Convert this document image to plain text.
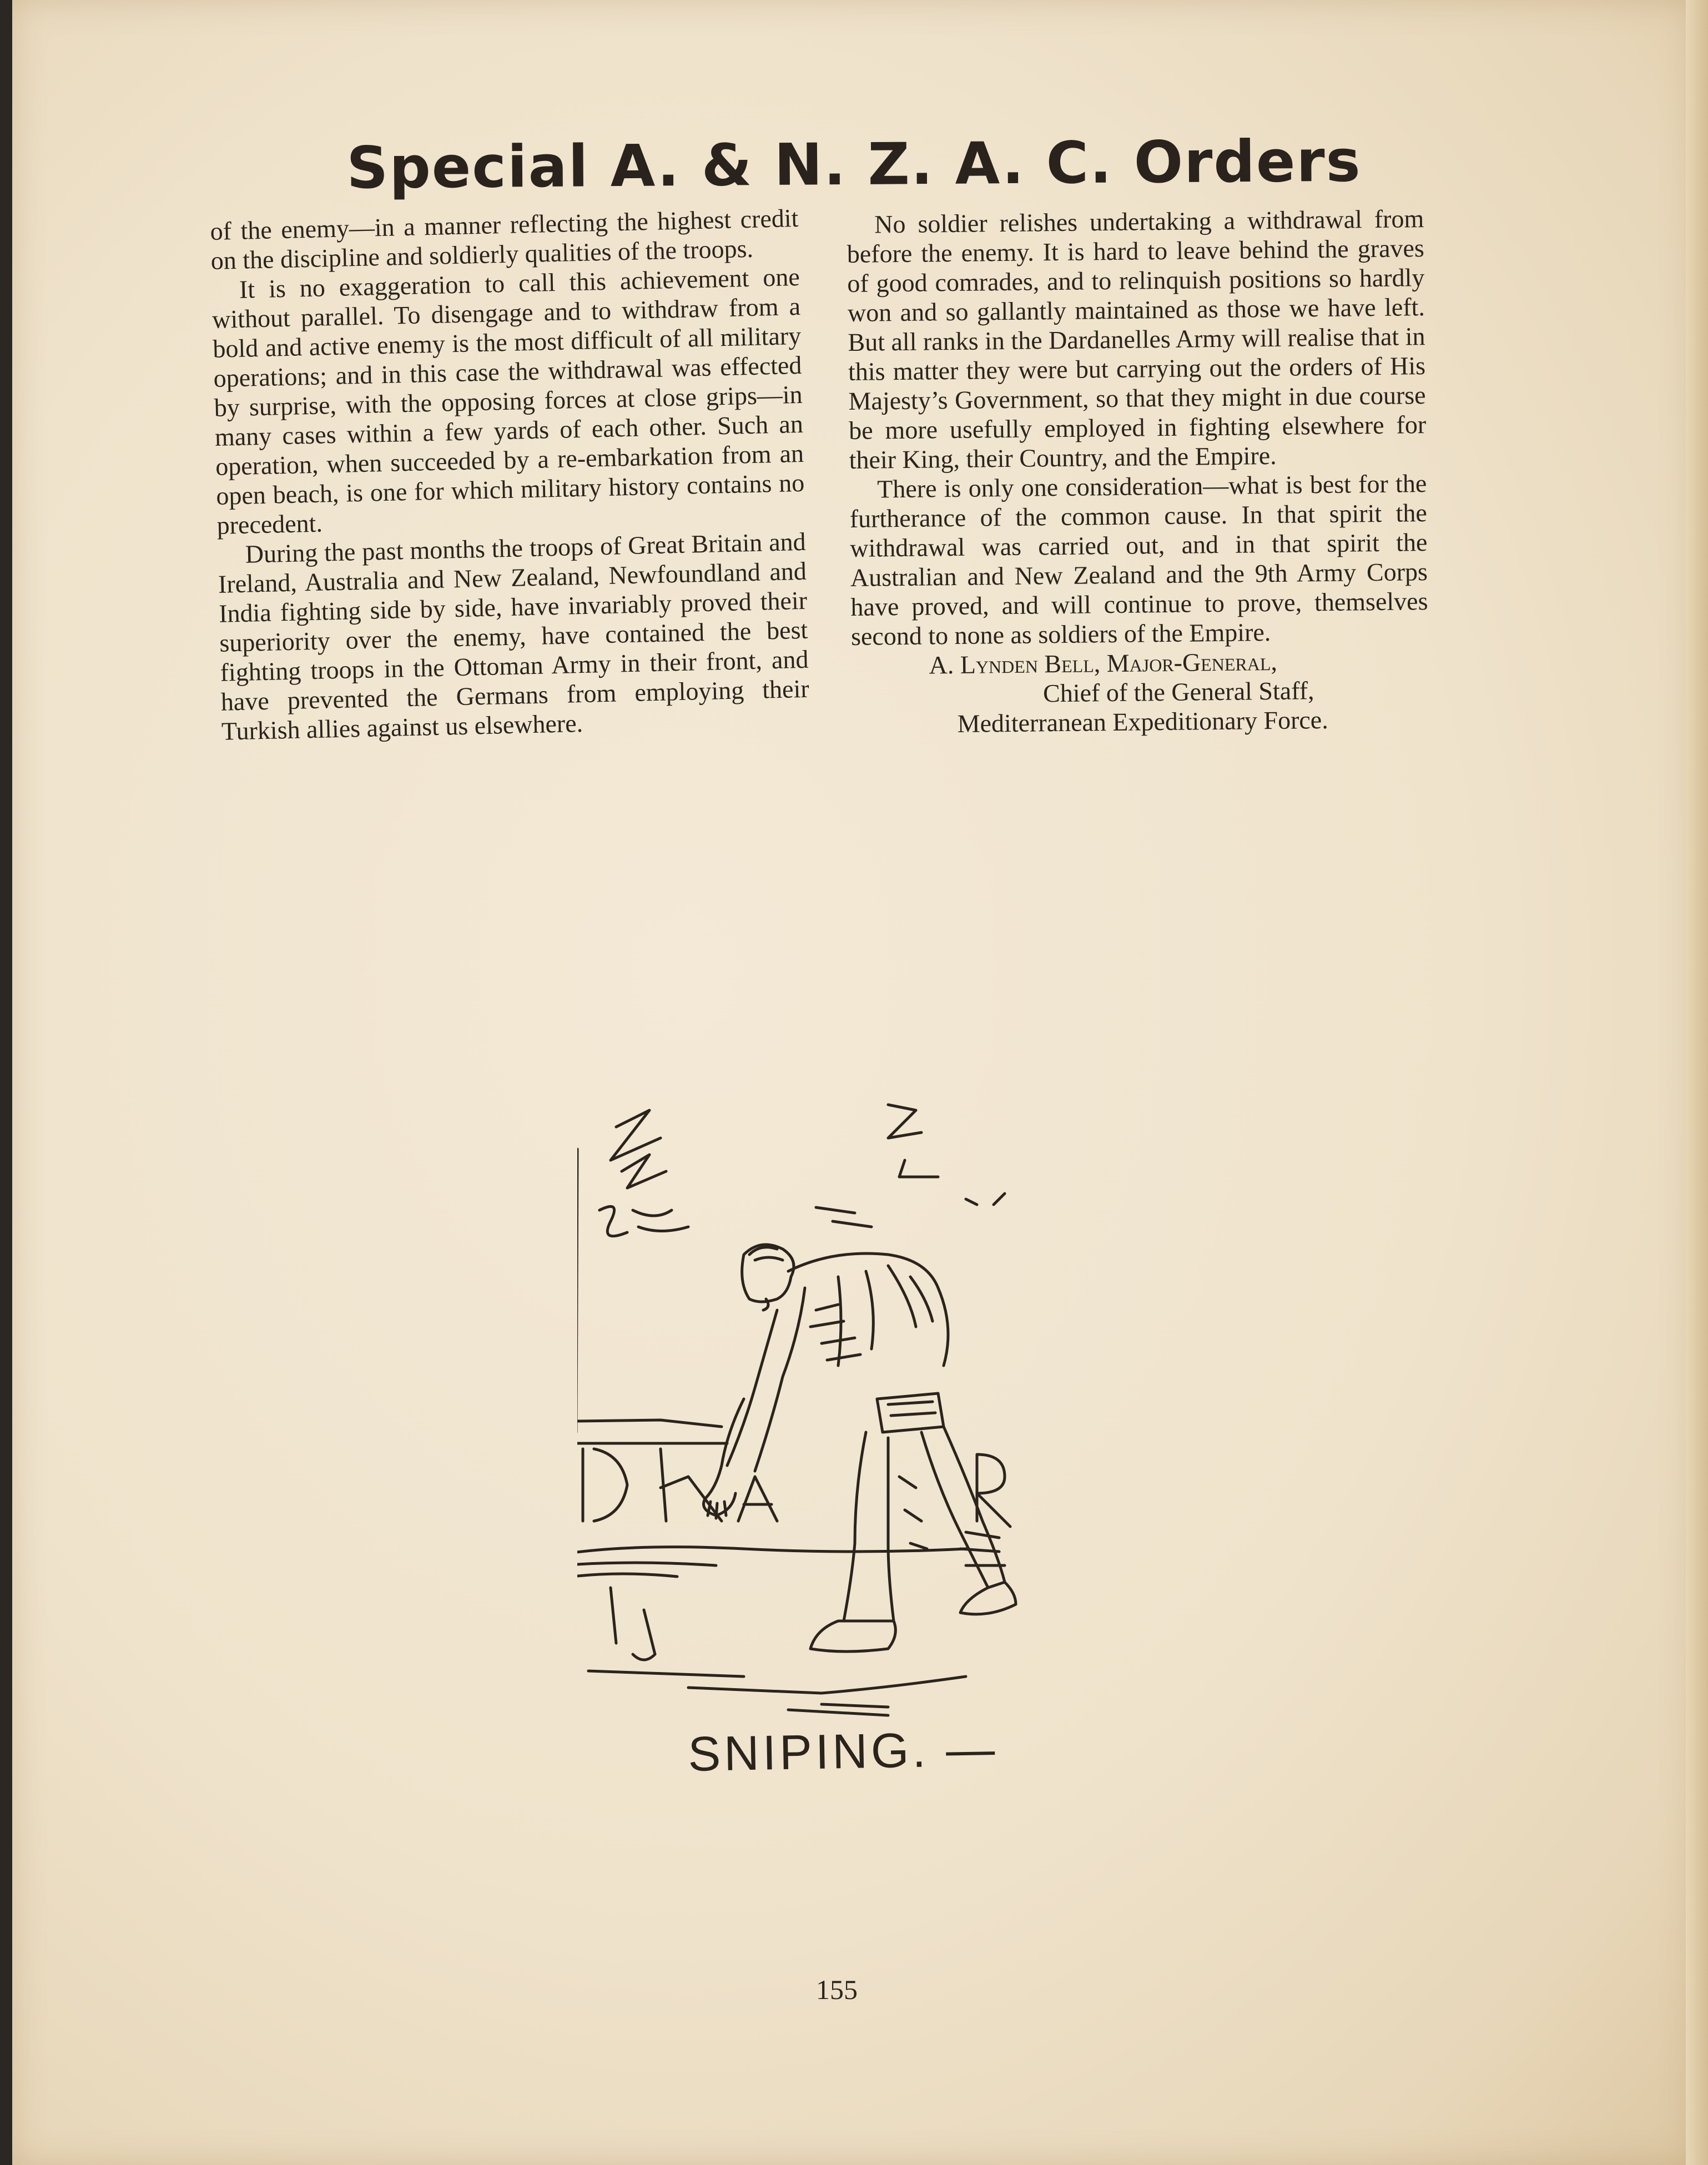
Special A. & N. Z. A. C. Orders

of the enemy—in a manner reflecting the highest credit on the discipline and soldierly qualities of the troops.

It is no exaggeration to call this achievement one without parallel. To disengage and to withdraw from a bold and active enemy is the most difficult of all military operations; and in this case the withdrawal was effected by surprise, with the opposing forces at close grips—in many cases within a few yards of each other. Such an operation, when succeeded by a re-embarkation from an open beach, is one for which military history contains no precedent.

During the past months the troops of Great Britain and Ireland, Australia and New Zealand, Newfoundland and India fighting side by side, have invariably proved their superiority over the enemy, have contained the best fighting troops in the Ottoman Army in their front, and have prevented the Germans from employing their Turkish allies against us elsewhere.

No soldier relishes undertaking a withdrawal from before the enemy. It is hard to leave behind the graves of good comrades, and to relinquish positions so hardly won and so gallantly maintained as those we have left. But all ranks in the Dardanelles Army will realise that in this matter they were but carrying out the orders of His Majesty’s Government, so that they might in due course be more usefully employed in fighting elsewhere for their King, their Country, and the Empire.

There is only one consideration—what is best for the furtherance of the common cause. In that spirit the withdrawal was carried out, and in that spirit the Australian and New Zealand and the 9th Army Corps have proved, and will continue to prove, themselves second to none as soldiers of the Empire.

A. Lynden Bell, Major-General,

Chief of the General Staff,

Mediterranean Expeditionary Force.

SNIPING. —
155
